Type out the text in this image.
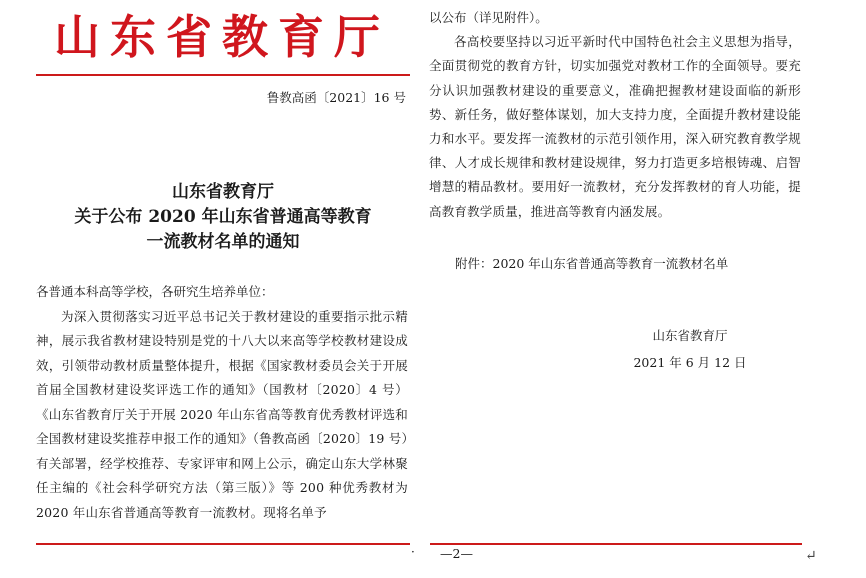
山东省教育厅
鲁教高函〔2021〕16 号
山东省教育厅
关于公布 2020 年山东省普通高等教育
一流教材名单的通知
各普通本科高等学校，各研究生培养单位：
为深入贯彻落实习近平总书记关于教材建设的重要指示批示精神，展示我省教材建设特别是党的十八大以来高等学校教材建设成效，引领带动教材质量整体提升，根据《国家教材委员会关于开展首届全国教材建设奖评选工作的通知》（国教材〔2020〕4 号）《山东省教育厅关于开展 2020 年山东省高等教育优秀教材评选和全国教材建设奖推荐申报工作的通知》（鲁教高函〔2020〕19 号）有关部署，经学校推荐、专家评审和网上公示，确定山东大学林聚任主编的《社会科学研究方法（第三版）》等 200 种优秀教材为 2020 年山东省普通高等教育一流教材。现将名单予
以公布（详见附件）。
各高校要坚持以习近平新时代中国特色社会主义思想为指导，全面贯彻党的教育方针，切实加强党对教材工作的全面领导。要充分认识加强教材建设的重要意义，准确把握教材建设面临的新形势、新任务，做好整体谋划，加大支持力度，全面提升教材建设能力和水平。要发挥一流教材的示范引领作用，深入研究教育教学规律、人才成长规律和教材建设规律，努力打造更多培根铸魂、启智增慧的精品教材。要用好一流教材，充分发挥教材的育人功能，提高教育教学质量，推进高等教育内涵发展。
附件：2020 年山东省普通高等教育一流教材名单
山东省教育厅
2021 年 6 月 12 日
· —2—	↵
